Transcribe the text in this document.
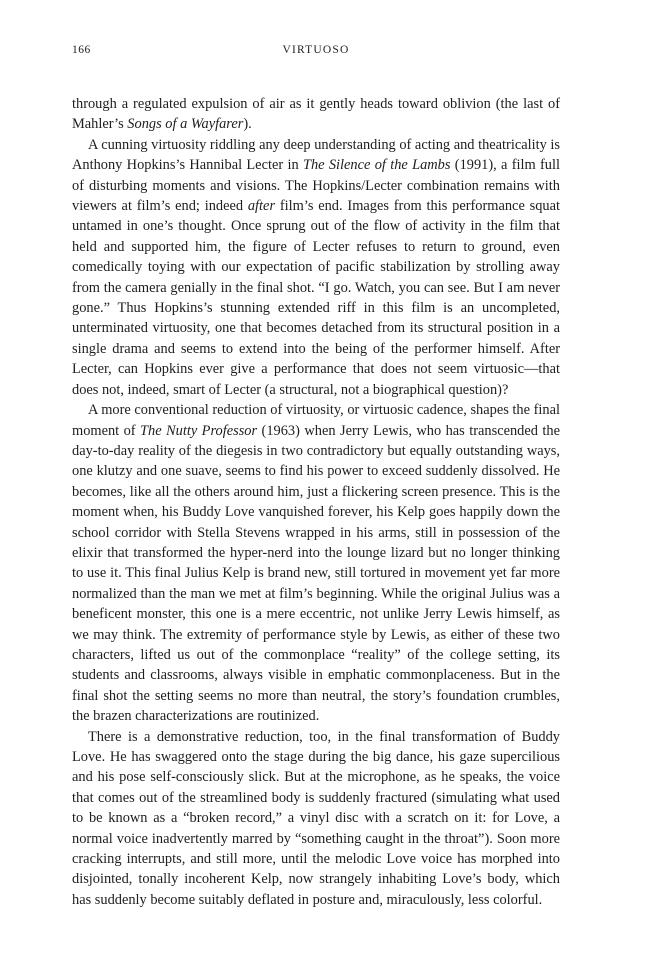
166	VIRTUOSO

through a regulated expulsion of air as it gently heads toward oblivion (the last of Mahler’s Songs of a Wayfarer).

A cunning virtuosity riddling any deep understanding of acting and theatricality is Anthony Hopkins’s Hannibal Lecter in The Silence of the Lambs (1991), a film full of disturbing moments and visions. The Hopkins/Lecter combination remains with viewers at film’s end; indeed after film’s end. Images from this performance squat untamed in one’s thought. Once sprung out of the flow of activity in the film that held and supported him, the figure of Lecter refuses to return to ground, even comedically toying with our expectation of pacific stabilization by strolling away from the camera genially in the final shot. “I go. Watch, you can see. But I am never gone.” Thus Hopkins’s stunning extended riff in this film is an uncompleted, unterminated virtuosity, one that becomes detached from its structural position in a single drama and seems to extend into the being of the performer himself. After Lecter, can Hopkins ever give a performance that does not seem virtuosic—that does not, indeed, smart of Lecter (a structural, not a biographical question)?

A more conventional reduction of virtuosity, or virtuosic cadence, shapes the final moment of The Nutty Professor (1963) when Jerry Lewis, who has transcended the day-to-day reality of the diegesis in two contradictory but equally outstanding ways, one klutzy and one suave, seems to find his power to exceed suddenly dissolved. He becomes, like all the others around him, just a flickering screen presence. This is the moment when, his Buddy Love vanquished forever, his Kelp goes happily down the school corridor with Stella Stevens wrapped in his arms, still in possession of the elixir that transformed the hyper-nerd into the lounge lizard but no longer thinking to use it. This final Julius Kelp is brand new, still tortured in movement yet far more normalized than the man we met at film’s beginning. While the original Julius was a beneficent monster, this one is a mere eccentric, not unlike Jerry Lewis himself, as we may think. The extremity of performance style by Lewis, as either of these two characters, lifted us out of the commonplace “reality” of the college setting, its students and classrooms, always visible in emphatic commonplaceness. But in the final shot the setting seems no more than neutral, the story’s foundation crumbles, the brazen characterizations are routinized.

There is a demonstrative reduction, too, in the final transformation of Buddy Love. He has swaggered onto the stage during the big dance, his gaze supercilious and his pose self-consciously slick. But at the microphone, as he speaks, the voice that comes out of the streamlined body is suddenly fractured (simulating what used to be known as a “broken record,” a vinyl disc with a scratch on it: for Love, a normal voice inadvertently marred by “something caught in the throat”). Soon more cracking interrupts, and still more, until the melodic Love voice has morphed into disjointed, tonally incoherent Kelp, now strangely inhabiting Love’s body, which has suddenly become suitably deflated in posture and, miraculously, less colorful.
